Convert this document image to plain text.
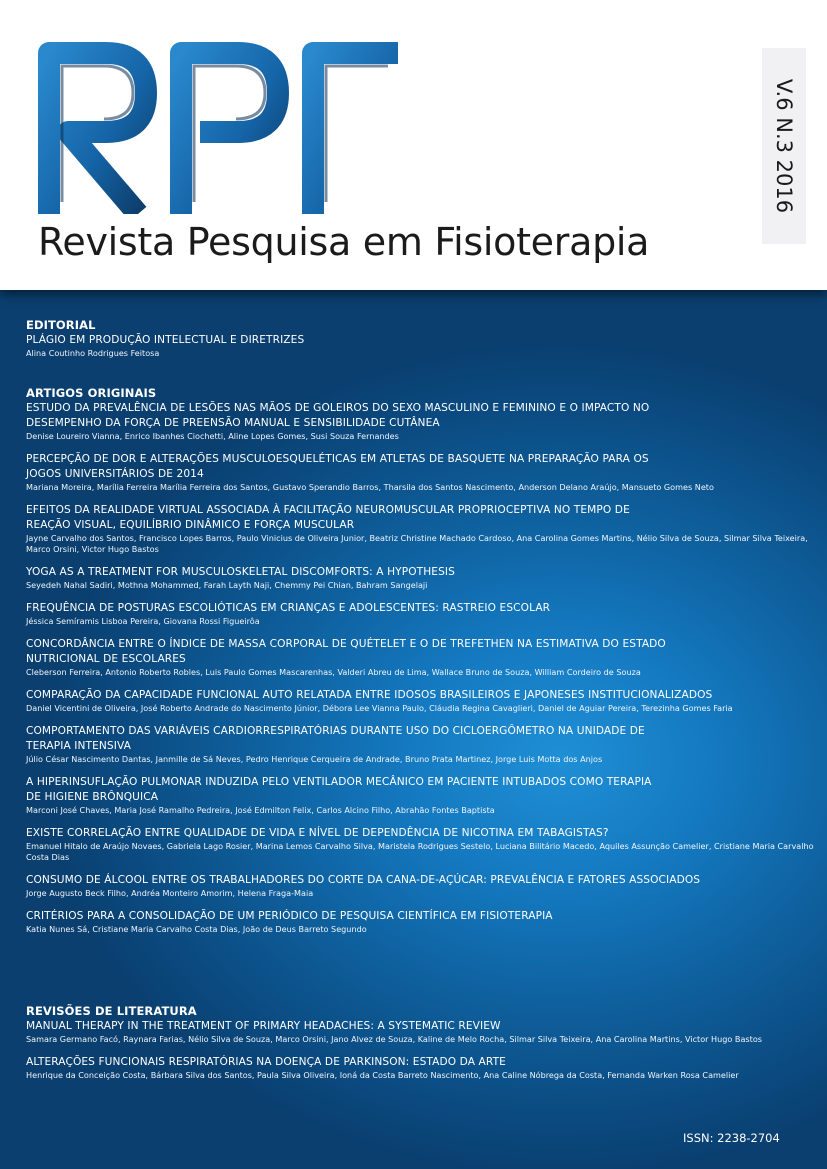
Revista Pesquisa em Fisioterapia
V.6 N.3 2016
EDITORIAL
PLÁGIO EM PRODUÇÃO INTELECTUAL E DIRETRIZES
Alina Coutinho Rodrigues Feitosa
ARTIGOS ORIGINAIS
ESTUDO DA PREVALÊNCIA DE LESÕES NAS MÃOS DE GOLEIROS DO SEXO MASCULINO E FEMININO E O IMPACTO NO DESEMPENHO DA FORÇA DE PREENSÃO MANUAL E SENSIBILIDADE CUTÂNEA
Denise Loureiro Vianna, Enrico Ibanhes Ciochetti, Aline Lopes Gomes, Susi Souza Fernandes
PERCEPÇÃO DE DOR E ALTERAÇÕES MUSCULOESQUELÉTICAS EM ATLETAS DE BASQUETE NA PREPARAÇÃO PARA OS JOGOS UNIVERSITÁRIOS DE 2014
Mariana Moreira, Marília Ferreira Marília Ferreira dos Santos, Gustavo Sperandio Barros, Tharsila dos Santos Nascimento, Anderson Delano Araújo, Mansueto Gomes Neto
EFEITOS DA REALIDADE VIRTUAL ASSOCIADA À FACILITAÇÃO NEUROMUSCULAR PROPRIOCEPTIVA NO TEMPO DE REAÇÃO VISUAL, EQUILÍBRIO DINÂMICO E FORÇA MUSCULAR
Jayne Carvalho dos Santos, Francisco Lopes Barros, Paulo Vinicius de Oliveira Junior, Beatriz Christine Machado Cardoso, Ana Carolina Gomes Martins, Nélio Silva de Souza, Silmar Silva Teixeira, Marco Orsini, Victor Hugo Bastos
YOGA AS A TREATMENT FOR MUSCULOSKELETAL DISCOMFORTS: A HYPOTHESIS
Seyedeh Nahal Sadiri, Mothna Mohammed, Farah Layth Naji, Chemmy Pei Chian, Bahram Sangelaji
FREQUÊNCIA DE POSTURAS ESCOLIÓTICAS EM CRIANÇAS E ADOLESCENTES: RASTREIO ESCOLAR
Jéssica Semíramis Lisboa Pereira, Giovana Rossi Figueirôa
CONCORDÂNCIA ENTRE O ÍNDICE DE MASSA CORPORAL DE QUÉTELET E O DE TREFETHEN NA ESTIMATIVA DO ESTADO NUTRICIONAL DE ESCOLARES
Cleberson Ferreira, Antonio Roberto Robles, Luis Paulo Gomes Mascarenhas, Valderi Abreu de Lima, Wallace Bruno de Souza, William Cordeiro de Souza
COMPARAÇÃO DA CAPACIDADE FUNCIONAL AUTO RELATADA ENTRE IDOSOS BRASILEIROS E JAPONESES INSTITUCIONALIZADOS
Daniel Vicentini de Oliveira, José Roberto Andrade do Nascimento Júnior, Débora Lee Vianna Paulo, Cláudia Regina Cavaglieri, Daniel de Aguiar Pereira, Terezinha Gomes Faria
COMPORTAMENTO DAS VARIÁVEIS CARDIORRESPIRATÓRIAS DURANTE USO DO CICLOERGÔMETRO NA UNIDADE DE TERAPIA INTENSIVA
Júlio César Nascimento Dantas, Janmille de Sá Neves, Pedro Henrique Cerqueira de Andrade, Bruno Prata Martinez, Jorge Luis Motta dos Anjos
A HIPERINSUFLAÇÃO PULMONAR INDUZIDA PELO VENTILADOR MECÂNICO EM PACIENTE INTUBADOS COMO TERAPIA DE HIGIENE BRÔNQUICA
Marconi José Chaves, Maria José Ramalho Pedreira, José Edmilton Felix, Carlos Alcino Filho, Abrahão Fontes Baptista
EXISTE CORRELAÇÃO ENTRE QUALIDADE DE VIDA E NÍVEL DE DEPENDÊNCIA DE NICOTINA EM TABAGISTAS?
Emanuel Hitalo de Araújo Novaes, Gabriela Lago Rosier, Marina Lemos Carvalho Silva, Maristela Rodrigues Sestelo, Luciana Bilitário Macedo, Aquiles Assunção Camelier, Cristiane Maria Carvalho Costa Dias
CONSUMO DE ÁLCOOL ENTRE OS TRABALHADORES DO CORTE DA CANA-DE-AÇÚCAR: PREVALÊNCIA E FATORES ASSOCIADOS
Jorge Augusto Beck Filho, Andréa Monteiro Amorim, Helena Fraga-Maia
CRITÉRIOS PARA A CONSOLIDAÇÃO DE UM PERIÓDICO DE PESQUISA CIENTÍFICA EM FISIOTERAPIA
Katia Nunes Sá, Cristiane Maria Carvalho Costa Dias, João de Deus Barreto Segundo
REVISÕES DE LITERATURA
MANUAL THERAPY IN THE TREATMENT OF PRIMARY HEADACHES: A SYSTEMATIC REVIEW
Samara Germano Facó, Raynara Farias, Nélio Silva de Souza, Marco Orsini, Jano Alvez de Souza, Kaline de Melo Rocha, Silmar Silva Teixeira, Ana Carolina Martins, Victor Hugo Bastos
ALTERAÇÕES FUNCIONAIS RESPIRATÓRIAS NA DOENÇA DE PARKINSON: ESTADO DA ARTE
Henrique da Conceição Costa, Bárbara Silva dos Santos, Paula Silva Oliveira, Ioná da Costa Barreto Nascimento, Ana Caline Nóbrega da Costa, Fernanda Warken Rosa Camelier
ISSN: 2238-2704
